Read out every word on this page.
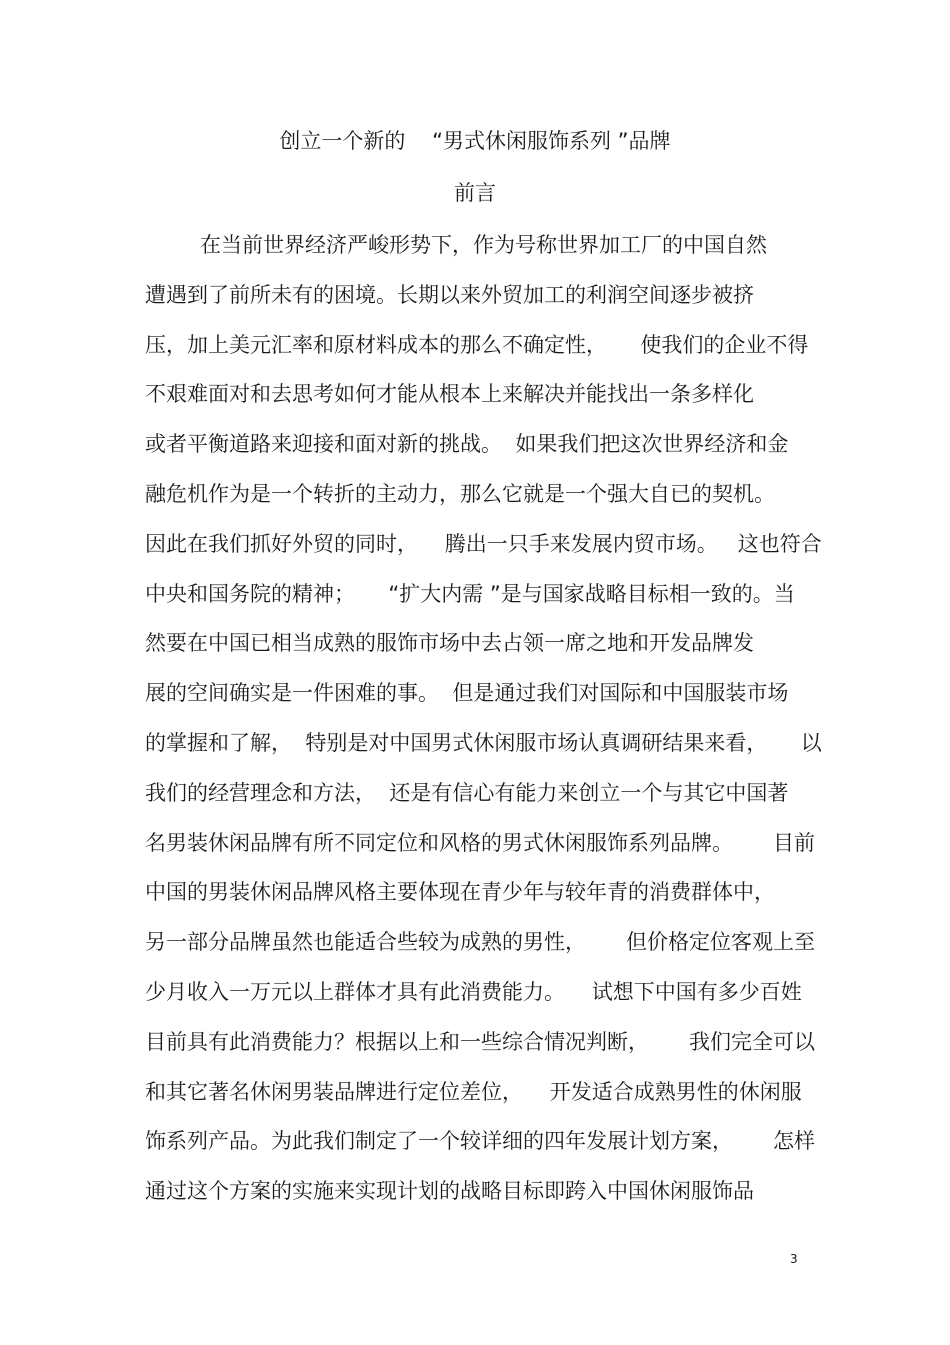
创立一个新的    “男式休闲服饰系列 ”品牌
前言
在当前世界经济严峻形势下，作为号称世界加工厂的中国自然
遭遇到了前所未有的困境。长期以来外贸加工的利润空间逐步被挤
压，加上美元汇率和原材料成本的那么不确定性，     使我们的企业不得
不艰难面对和去思考如何才能从根本上来解决并能找出一条多样化
或者平衡道路来迎接和面对新的挑战。  如果我们把这次世界经济和金
融危机作为是一个转折的主动力，那么它就是一个强大自已的契机。
因此在我们抓好外贸的同时，    腾出一只手来发展内贸市场。   这也符合
中央和国务院的精神；     “扩大内需 ”是与国家战略目标相一致的。当
然要在中国已相当成熟的服饰市场中去占领一席之地和开发品牌发
展的空间确实是一件困难的事。  但是通过我们对国际和中国服装市场
的掌握和了解，  特别是对中国男式休闲服市场认真调研结果来看，     以
我们的经营理念和方法，  还是有信心有能力来创立一个与其它中国著
名男装休闲品牌有所不同定位和风格的男式休闲服饰系列品牌。      目前
中国的男装休闲品牌风格主要体现在青少年与较年青的消费群体中，
另一部分品牌虽然也能适合些较为成熟的男性，      但价格定位客观上至
少月收入一万元以上群体才具有此消费能力。    试想下中国有多少百姓
目前具有此消费能力？根据以上和一些综合情况判断，      我们完全可以
和其它著名休闲男装品牌进行定位差位，    开发适合成熟男性的休闲服
饰系列产品。为此我们制定了一个较详细的四年发展计划方案，      怎样
通过这个方案的实施来实现计划的战略目标即跨入中国休闲服饰品
3
